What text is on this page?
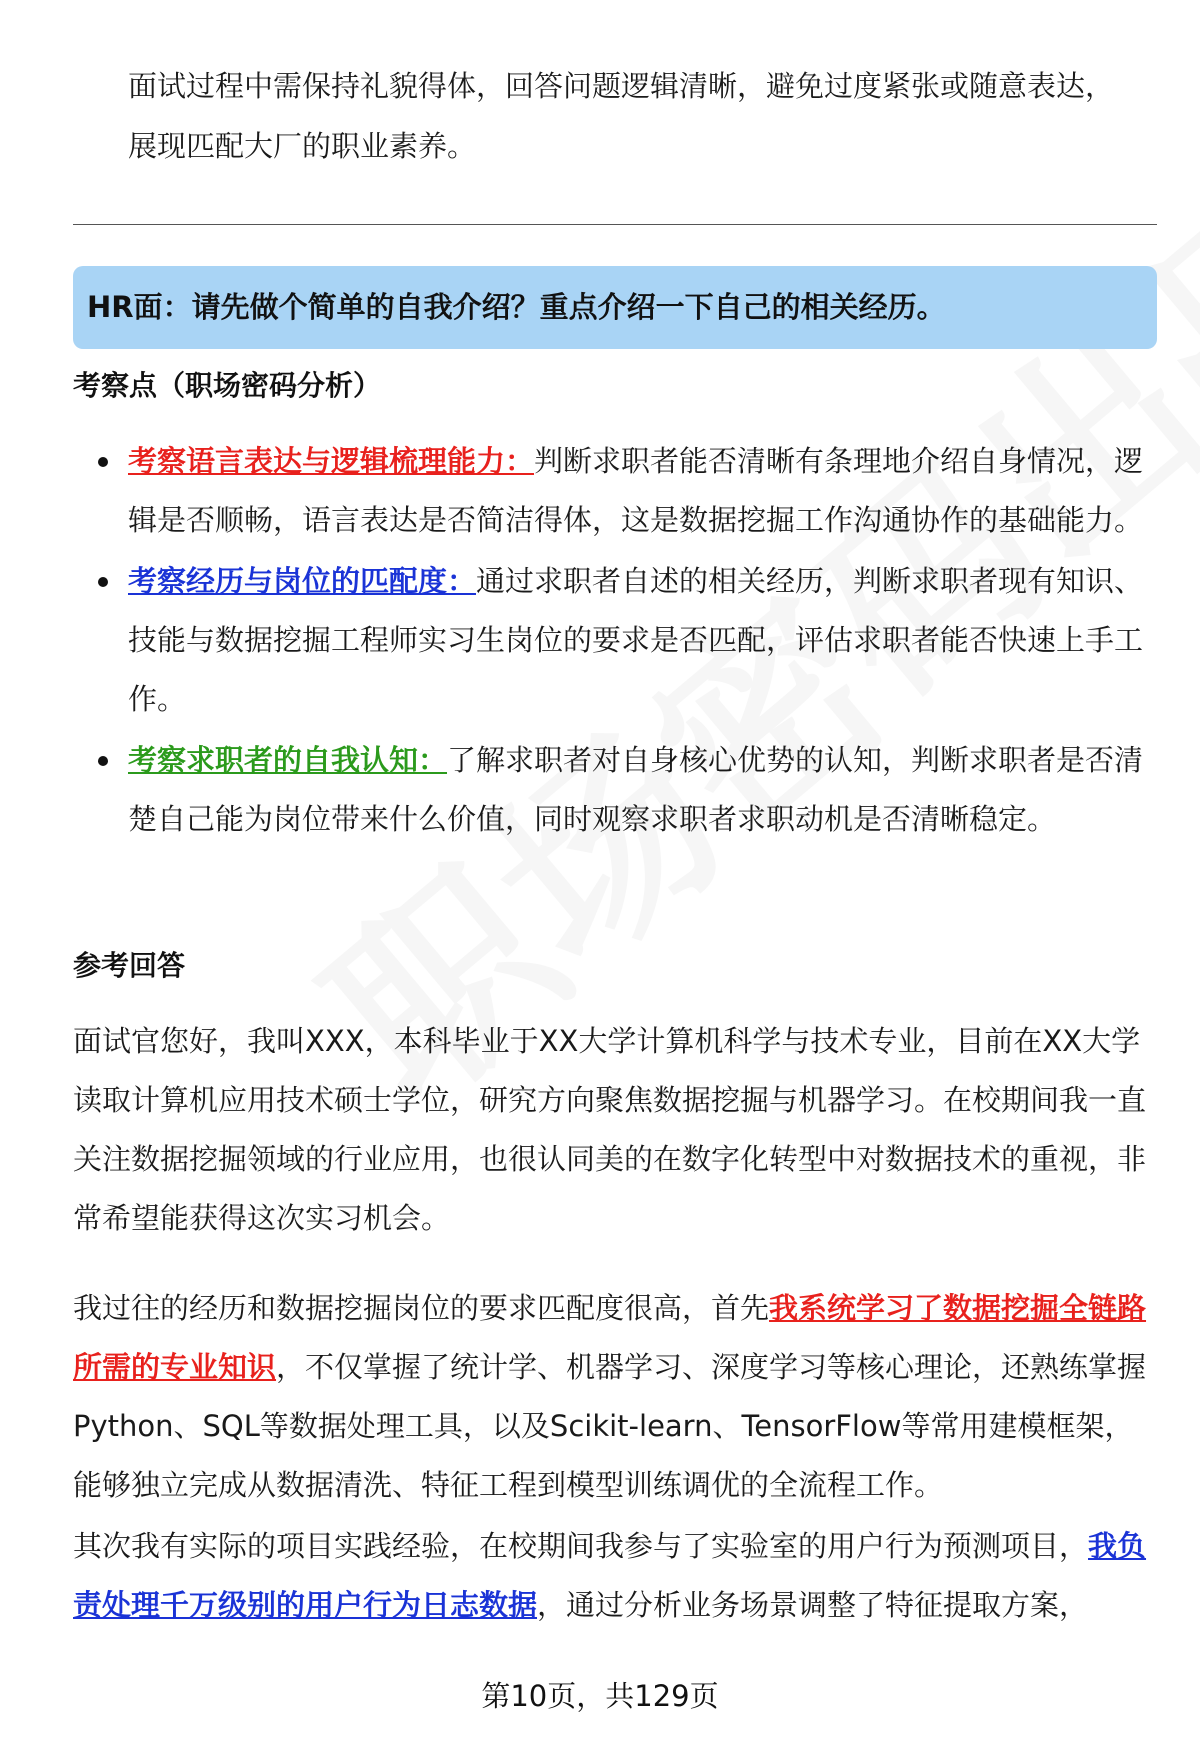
面试过程中需保持礼貌得体，回答问题逻辑清晰，避免过度紧张或随意表达，展现匹配大厂的职业素养。
HR面：请先做个简单的自我介绍？重点介绍一下自己的相关经历。
考察点（职场密码分析）
考察语言表达与逻辑梳理能力：判断求职者能否清晰有条理地介绍自身情况，逻辑是否顺畅，语言表达是否简洁得体，这是数据挖掘工作沟通协作的基础能力。
考察经历与岗位的匹配度：通过求职者自述的相关经历，判断求职者现有知识、技能与数据挖掘工程师实习生岗位的要求是否匹配，评估求职者能否快速上手工作。
考察求职者的自我认知：了解求职者对自身核心优势的认知，判断求职者是否清楚自己能为岗位带来什么价值，同时观察求职者求职动机是否清晰稳定。
参考回答
面试官您好，我叫XXX，本科毕业于XX大学计算机科学与技术专业，目前在XX大学读取计算机应用技术硕士学位，研究方向聚焦数据挖掘与机器学习。在校期间我一直关注数据挖掘领域的行业应用，也很认同美的在数字化转型中对数据技术的重视，非常希望能获得这次实习机会。
我过往的经历和数据挖掘岗位的要求匹配度很高，首先我系统学习了数据挖掘全链路所需的专业知识，不仅掌握了统计学、机器学习、深度学习等核心理论，还熟练掌握Python、SQL等数据处理工具，以及Scikit-learn、TensorFlow等常用建模框架，能够独立完成从数据清洗、特征工程到模型训练调优的全流程工作。
其次我有实际的项目实践经验，在校期间我参与了实验室的用户行为预测项目，我负责处理千万级别的用户行为日志数据，通过分析业务场景调整了特征提取方案，
第10页，共129页
